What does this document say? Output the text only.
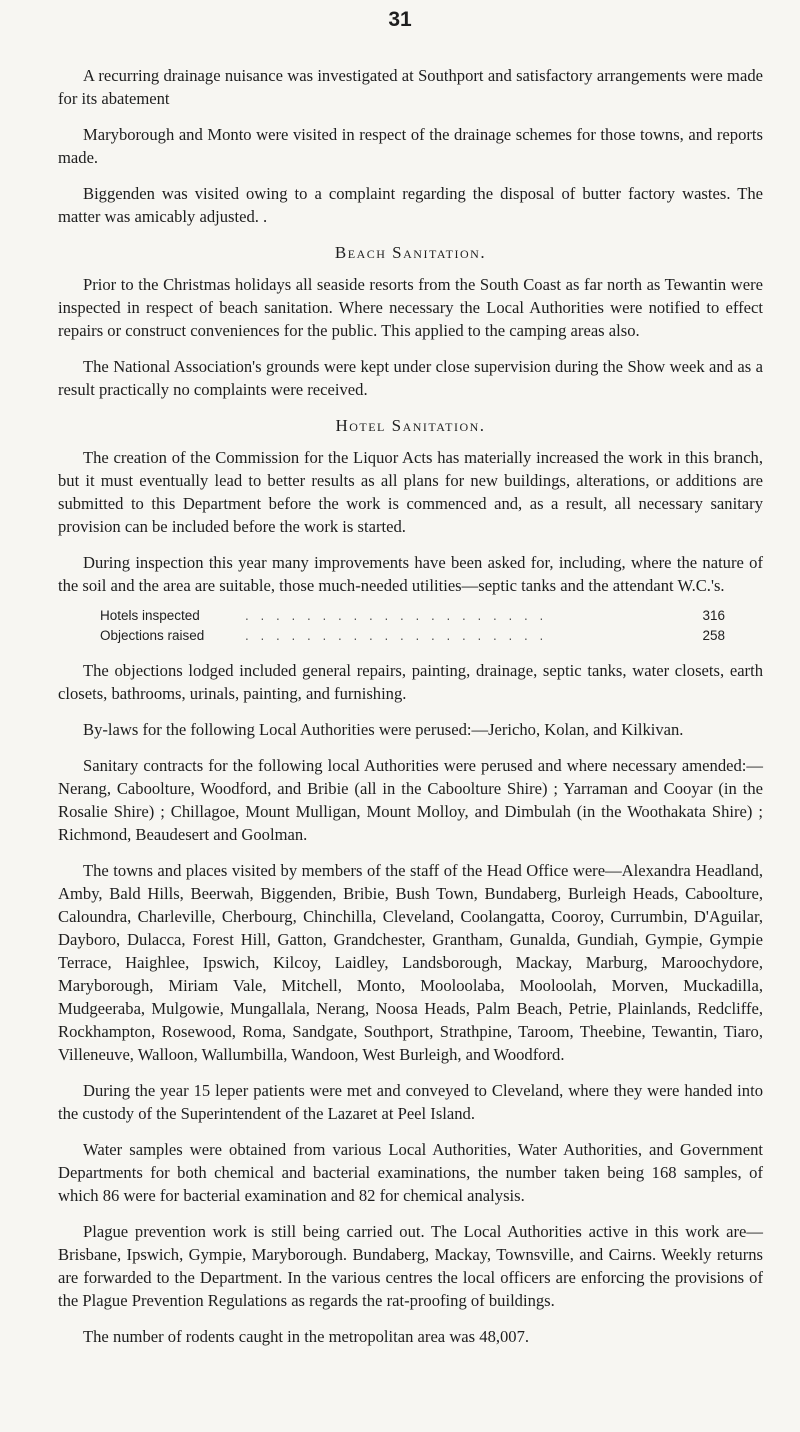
31

A recurring drainage nuisance was investigated at Southport and satisfactory arrangements were made for its abatement

Maryborough and Monto were visited in respect of the drainage schemes for those towns, and reports made.

Biggenden was visited owing to a complaint regarding the disposal of butter factory wastes. The matter was amicably adjusted. .

Beach Sanitation.

Prior to the Christmas holidays all seaside resorts from the South Coast as far north as Tewantin were inspected in respect of beach sanitation. Where necessary the Local Authorities were notified to effect repairs or construct conveniences for the public. This applied to the camping areas also.

The National Association's grounds were kept under close supervision during the Show week and as a result practically no complaints were received.

Hotel Sanitation.

The creation of the Commission for the Liquor Acts has materially increased the work in this branch, but it must eventually lead to better results as all plans for new buildings, alterations, or additions are submitted to this Department before the work is commenced and, as a result, all necessary sanitary provision can be included before the work is started.

During inspection this year many improvements have been asked for, including, where the nature of the soil and the area are suitable, those much-needed utilities—septic tanks and the attendant W.C.'s.

Hotels inspected	. . . . . . . . . . . . . . . . . . . .	316
Objections raised	. . . . . . . . . . . . . . . . . . . .	258

The objections lodged included general repairs, painting, drainage, septic tanks, water closets, earth closets, bathrooms, urinals, painting, and furnishing.

By-laws for the following Local Authorities were perused:—Jericho, Kolan, and Kilkivan.

Sanitary contracts for the following local Authorities were perused and where necessary amended:—Nerang, Caboolture, Woodford, and Bribie (all in the Caboolture Shire) ; Yarraman and Cooyar (in the Rosalie Shire) ; Chillagoe, Mount Mulligan, Mount Molloy, and Dimbulah (in the Woothakata Shire) ; Richmond, Beaudesert and Goolman.

The towns and places visited by members of the staff of the Head Office were—Alexandra Headland, Amby, Bald Hills, Beerwah, Biggenden, Bribie, Bush Town, Bundaberg, Burleigh Heads, Caboolture, Caloundra, Charleville, Cherbourg, Chinchilla, Cleveland, Coolangatta, Cooroy, Currumbin, D'Aguilar, Dayboro, Dulacca, Forest Hill, Gatton, Grandchester, Grantham, Gunalda, Gundiah, Gympie, Gympie Terrace, Haighlee, Ipswich, Kilcoy, Laidley, Landsborough, Mackay, Marburg, Maroochydore, Maryborough, Miriam Vale, Mitchell, Monto, Mooloolaba, Mooloolah, Morven, Muckadilla, Mudgeeraba, Mulgowie, Mungallala, Nerang, Noosa Heads, Palm Beach, Petrie, Plainlands, Redcliffe, Rockhampton, Rosewood, Roma, Sandgate, Southport, Strathpine, Taroom, Theebine, Tewantin, Tiaro, Villeneuve, Walloon, Wallumbilla, Wandoon, West Burleigh, and Woodford.

During the year 15 leper patients were met and conveyed to Cleveland, where they were handed into the custody of the Superintendent of the Lazaret at Peel Island.

Water samples were obtained from various Local Authorities, Water Authorities, and Government Departments for both chemical and bacterial examinations, the number taken being 168 samples, of which 86 were for bacterial examination and 82 for chemical analysis.

Plague prevention work is still being carried out. The Local Authorities active in this work are—Brisbane, Ipswich, Gympie, Maryborough. Bundaberg, Mackay, Townsville, and Cairns. Weekly returns are forwarded to the Department. In the various centres the local officers are enforcing the provisions of the Plague Prevention Regulations as regards the rat-proofing of buildings.

The number of rodents caught in the metropolitan area was 48,007.
